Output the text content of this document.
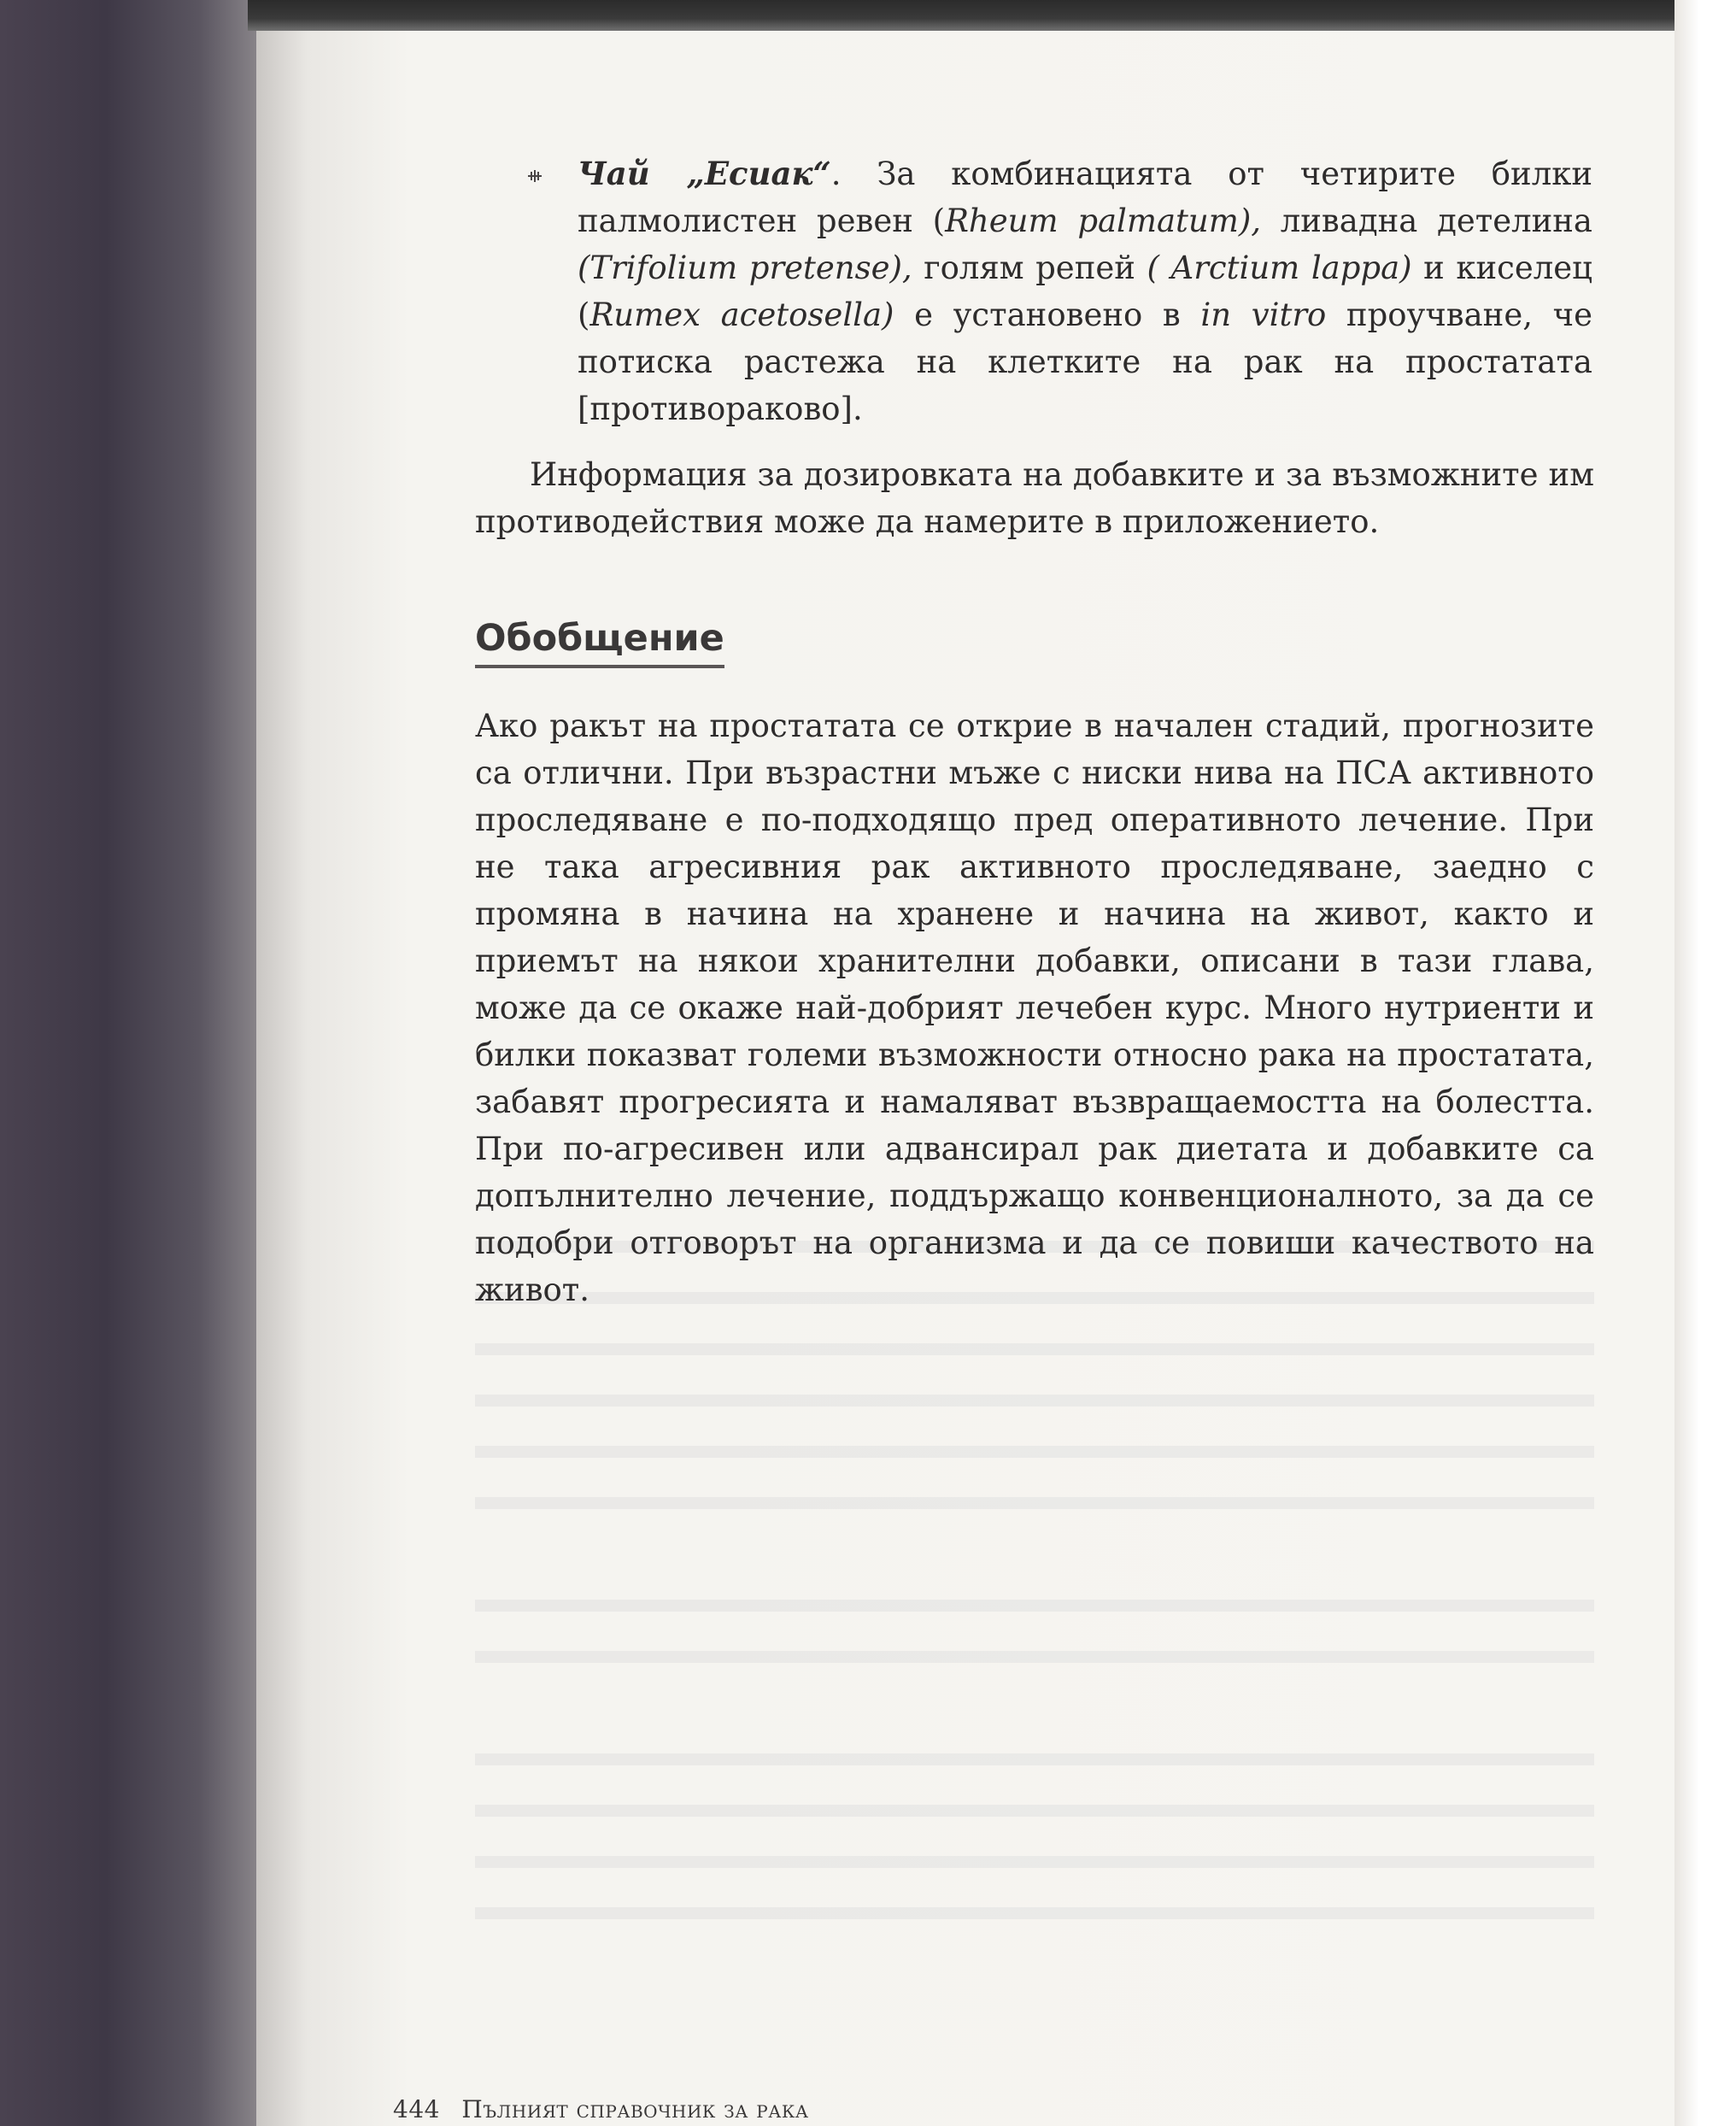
Чай „Есиак“. За комбинацията от четирите билки палмолистен ревен (Rheum palmatum), ливадна детелина (Trifolium pretense), голям репей ( Arctium lappa) и киселец (Rumex acetosella) е установено в in vitro проучване, че потиска растежа на клетките на рак на простатата [противораково].
Информация за дозировката на добавките и за възможните им противодействия може да намерите в приложението.
Обобщение
Ако ракът на простатата се открие в начален стадий, прогнозите са отлични. При възрастни мъже с ниски нива на ПСА активното проследяване е по-подходящо пред оперативното лечение. При не така агресивния рак активното проследяване, заедно с промяна в начина на хранене и начина на живот, както и приемът на някои хранителни добавки, описани в тази глава, може да се окаже най-добрият лечебен курс. Много нутриенти и билки показват големи възможности относно рака на простатата, забавят прогресията и намаляват възвращаемостта на болестта. При по-агресивен или адвансирал рак диетата и добавките са допълнително лечение, поддържащо конвенционалното, за да се подобри отговорът на организма и да се повиши качеството на живот.
444 Пълният справочник за рака
